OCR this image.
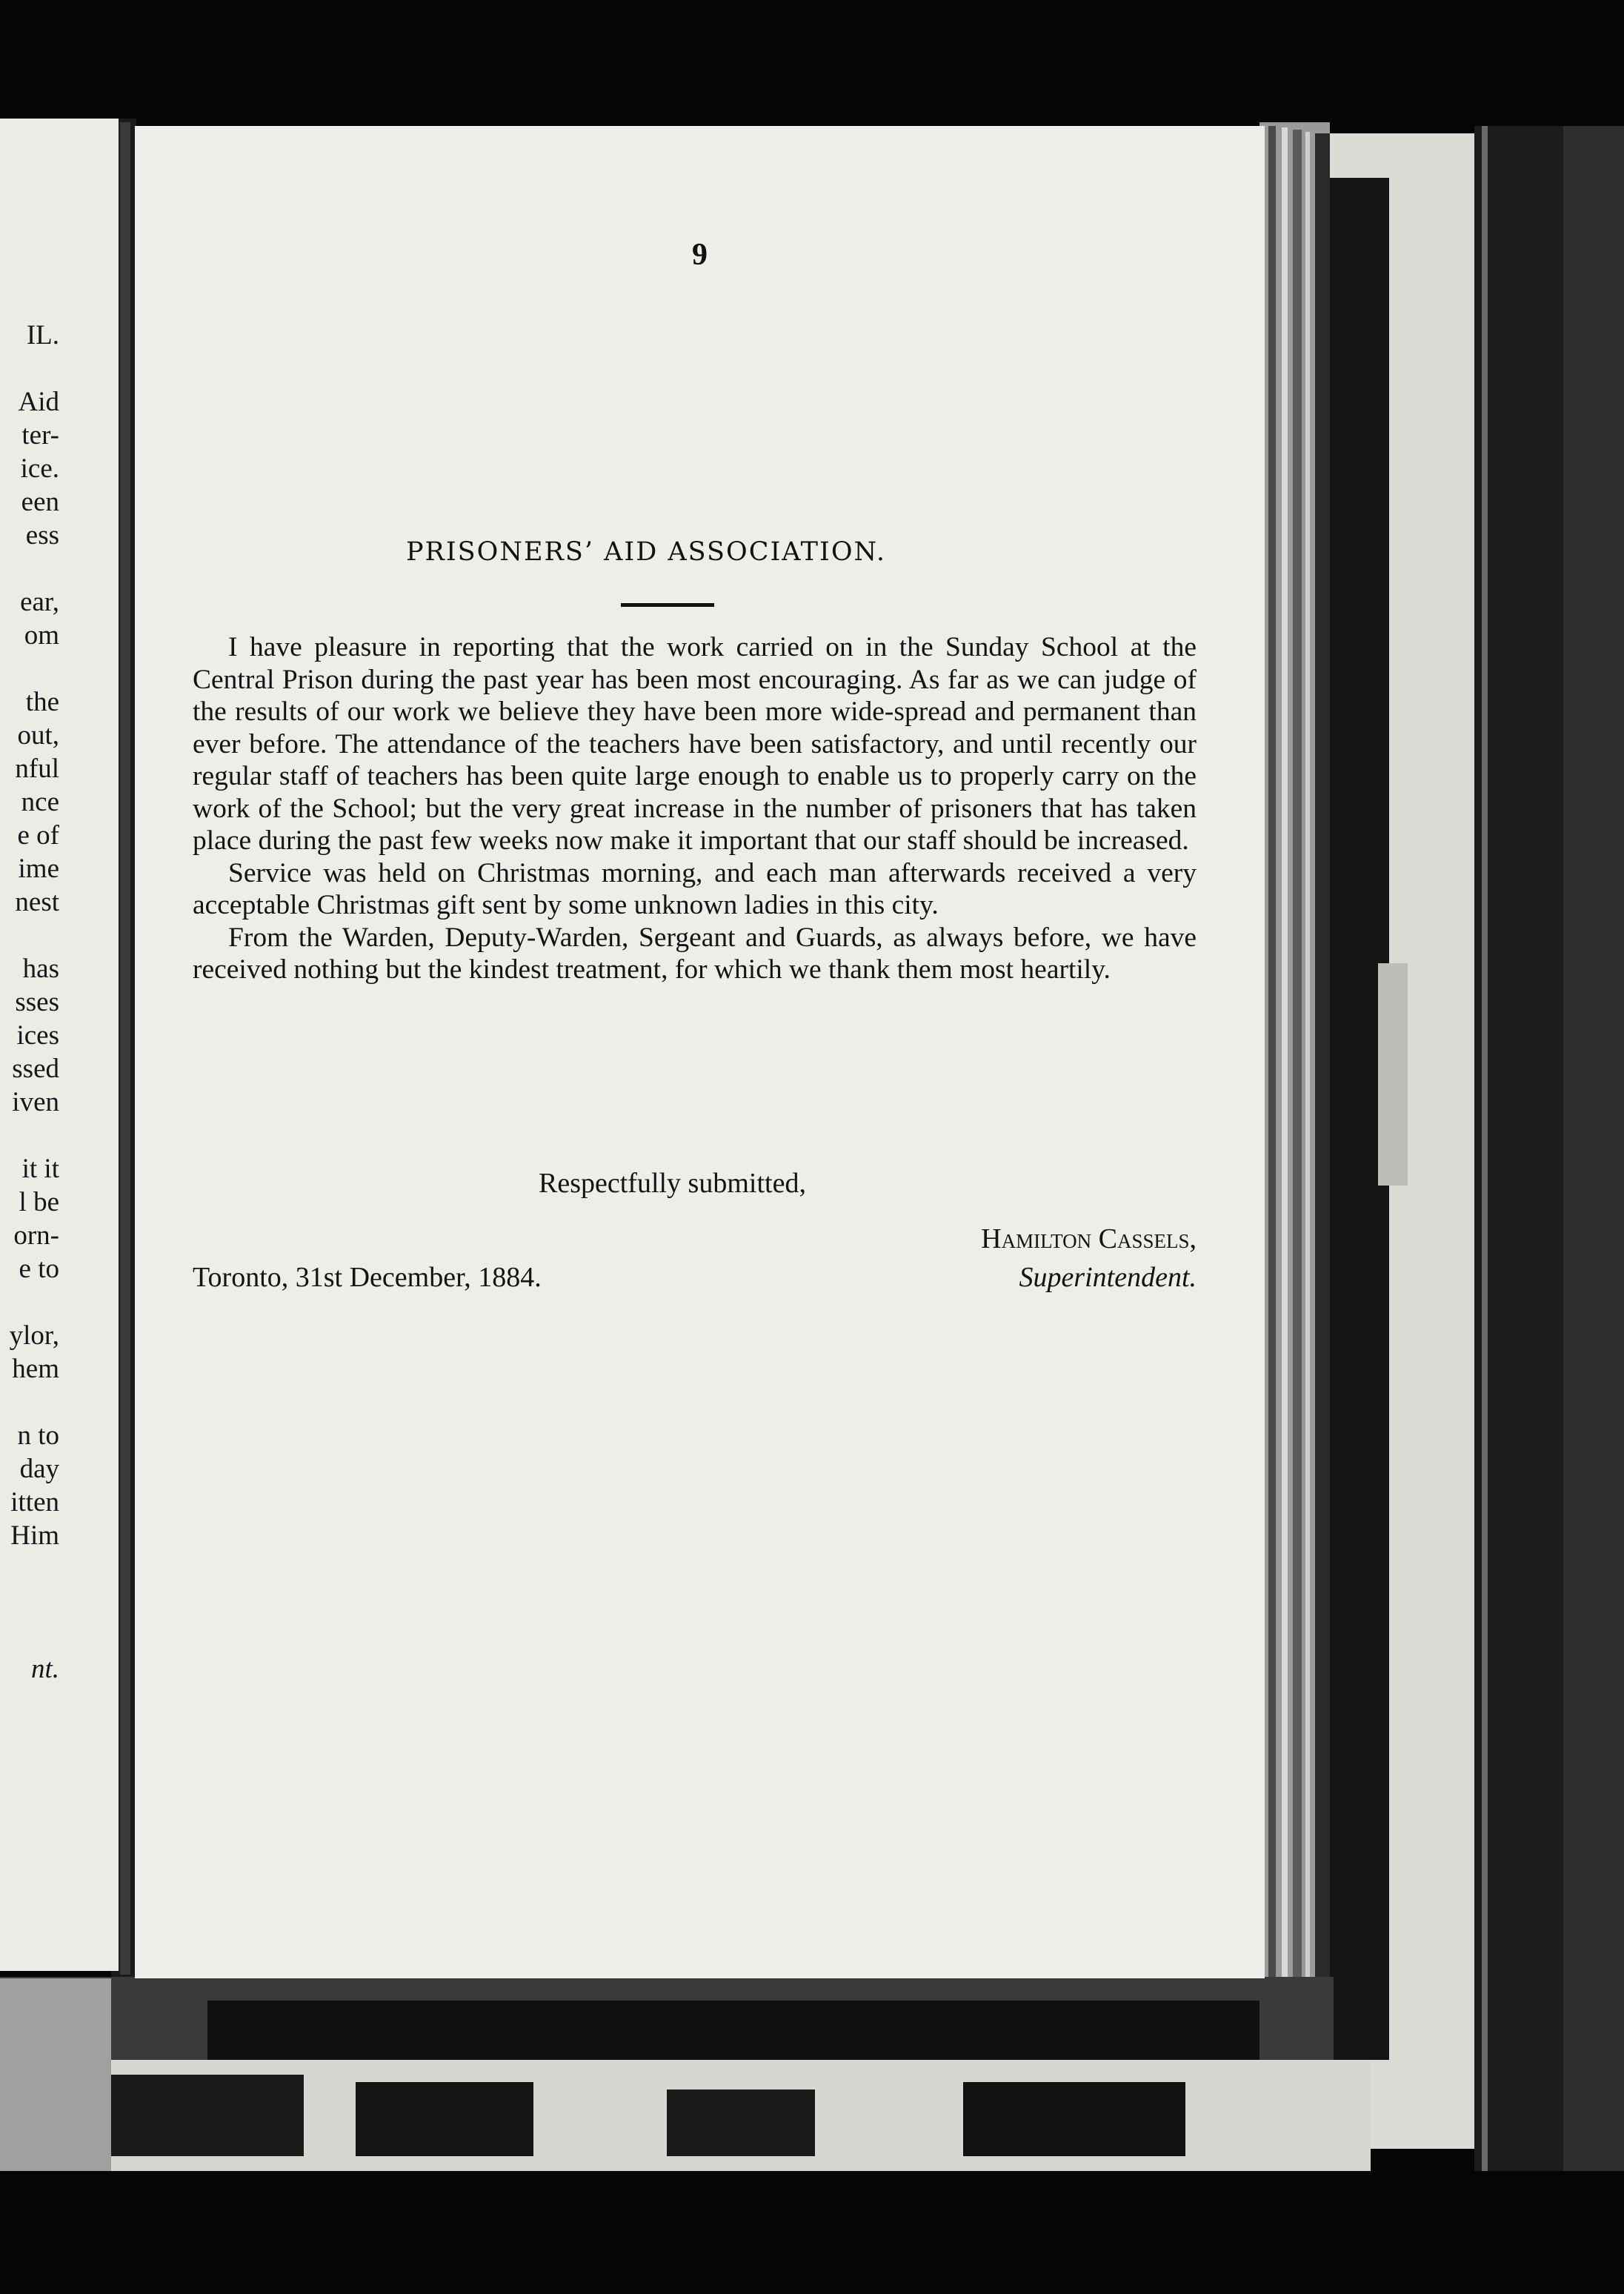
IL.
Aid
ter-
ice.
een
ess
ear,
om
the
out,
nful
nce
e of
ime
nest
has
sses
ices
ssed
iven
it it
l be
orn-
e to
ylor,
hem
n to
day
itten
Him
nt.
9
PRISONERS’ AID ASSOCIATION.

I have pleasure in reporting that the work carried on in the Sunday School at the Central Prison during the past year has been most encouraging. As far as we can judge of the results of our work we believe they have been more wide-spread and permanent than ever before. The attendance of the teachers have been satisfactory, and until recently our regular staff of teachers has been quite large enough to enable us to properly carry on the work of the School; but the very great increase in the number of prisoners that has taken place during the past few weeks now make it important that our staff should be increased.

Service was held on Christmas morning, and each man afterwards received a very acceptable Christmas gift sent by some unknown ladies in this city.

From the Warden, Deputy-Warden, Sergeant and Guards, as always before, we have received nothing but the kindest treatment, for which we thank them most heartily.

Respectfully submitted,
Hamilton Cassels,
Toronto, 31st December, 1884.	Superintendent.
